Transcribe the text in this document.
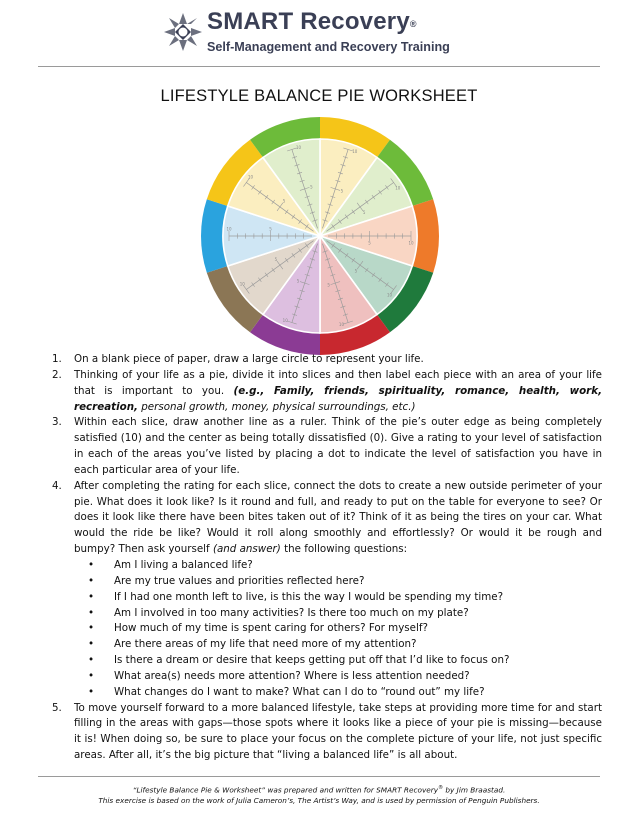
SMART Recovery®
Self-Management and Recovery Training
LIFESTYLE BALANCE PIE WORKSHEET
10
5
10
5
10
5
10
5
10
5
10
5
10
5
10	5
10
5
10
5
1. On a blank piece of paper, draw a large circle to represent your life.
2. Thinking of your life as a pie, divide it into slices and then label each piece with an area of your life that is important to you. (e.g., Family, friends, spirituality, romance, health, work, recreation, personal growth, money, physical surroundings, etc.)
3. Within each slice, draw another line as a ruler. Think of the pie’s outer edge as being completely satisfied (10) and the center as being totally dissatisfied (0). Give a rating to your level of satisfaction in each of the areas you’ve listed by placing a dot to indicate the level of satisfaction you have in each particular area of your life.
4. After completing the rating for each slice, connect the dots to create a new outside perimeter of your pie. What does it look like? Is it round and full, and ready to put on the table for everyone to see? Or does it look like there have been bites taken out of it? Think of it as being the tires on your car. What would the ride be like? Would it roll along smoothly and effortlessly? Or would it be rough and bumpy? Then ask yourself (and answer) the following questions:
• Am I living a balanced life?
• Are my true values and priorities reflected here?
• If I had one month left to live, is this the way I would be spending my time?
• Am I involved in too many activities? Is there too much on my plate?
• How much of my time is spent caring for others? For myself?
• Are there areas of my life that need more of my attention?
• Is there a dream or desire that keeps getting put off that I’d like to focus on?
• What area(s) needs more attention? Where is less attention needed?
• What changes do I want to make? What can I do to “round out” my life?
5. To move yourself forward to a more balanced lifestyle, take steps at providing more time for and start filling in the areas with gaps—those spots where it looks like a piece of your pie is missing—because it is! When doing so, be sure to place your focus on the complete picture of your life, not just specific areas. After all, it’s the big picture that “living a balanced life” is all about.
“Lifestyle Balance Pie & Worksheet” was prepared and written for SMART Recovery® by Jim Braastad.
This exercise is based on the work of Julia Cameron’s, The Artist’s Way, and is used by permission of Penguin Publishers.
